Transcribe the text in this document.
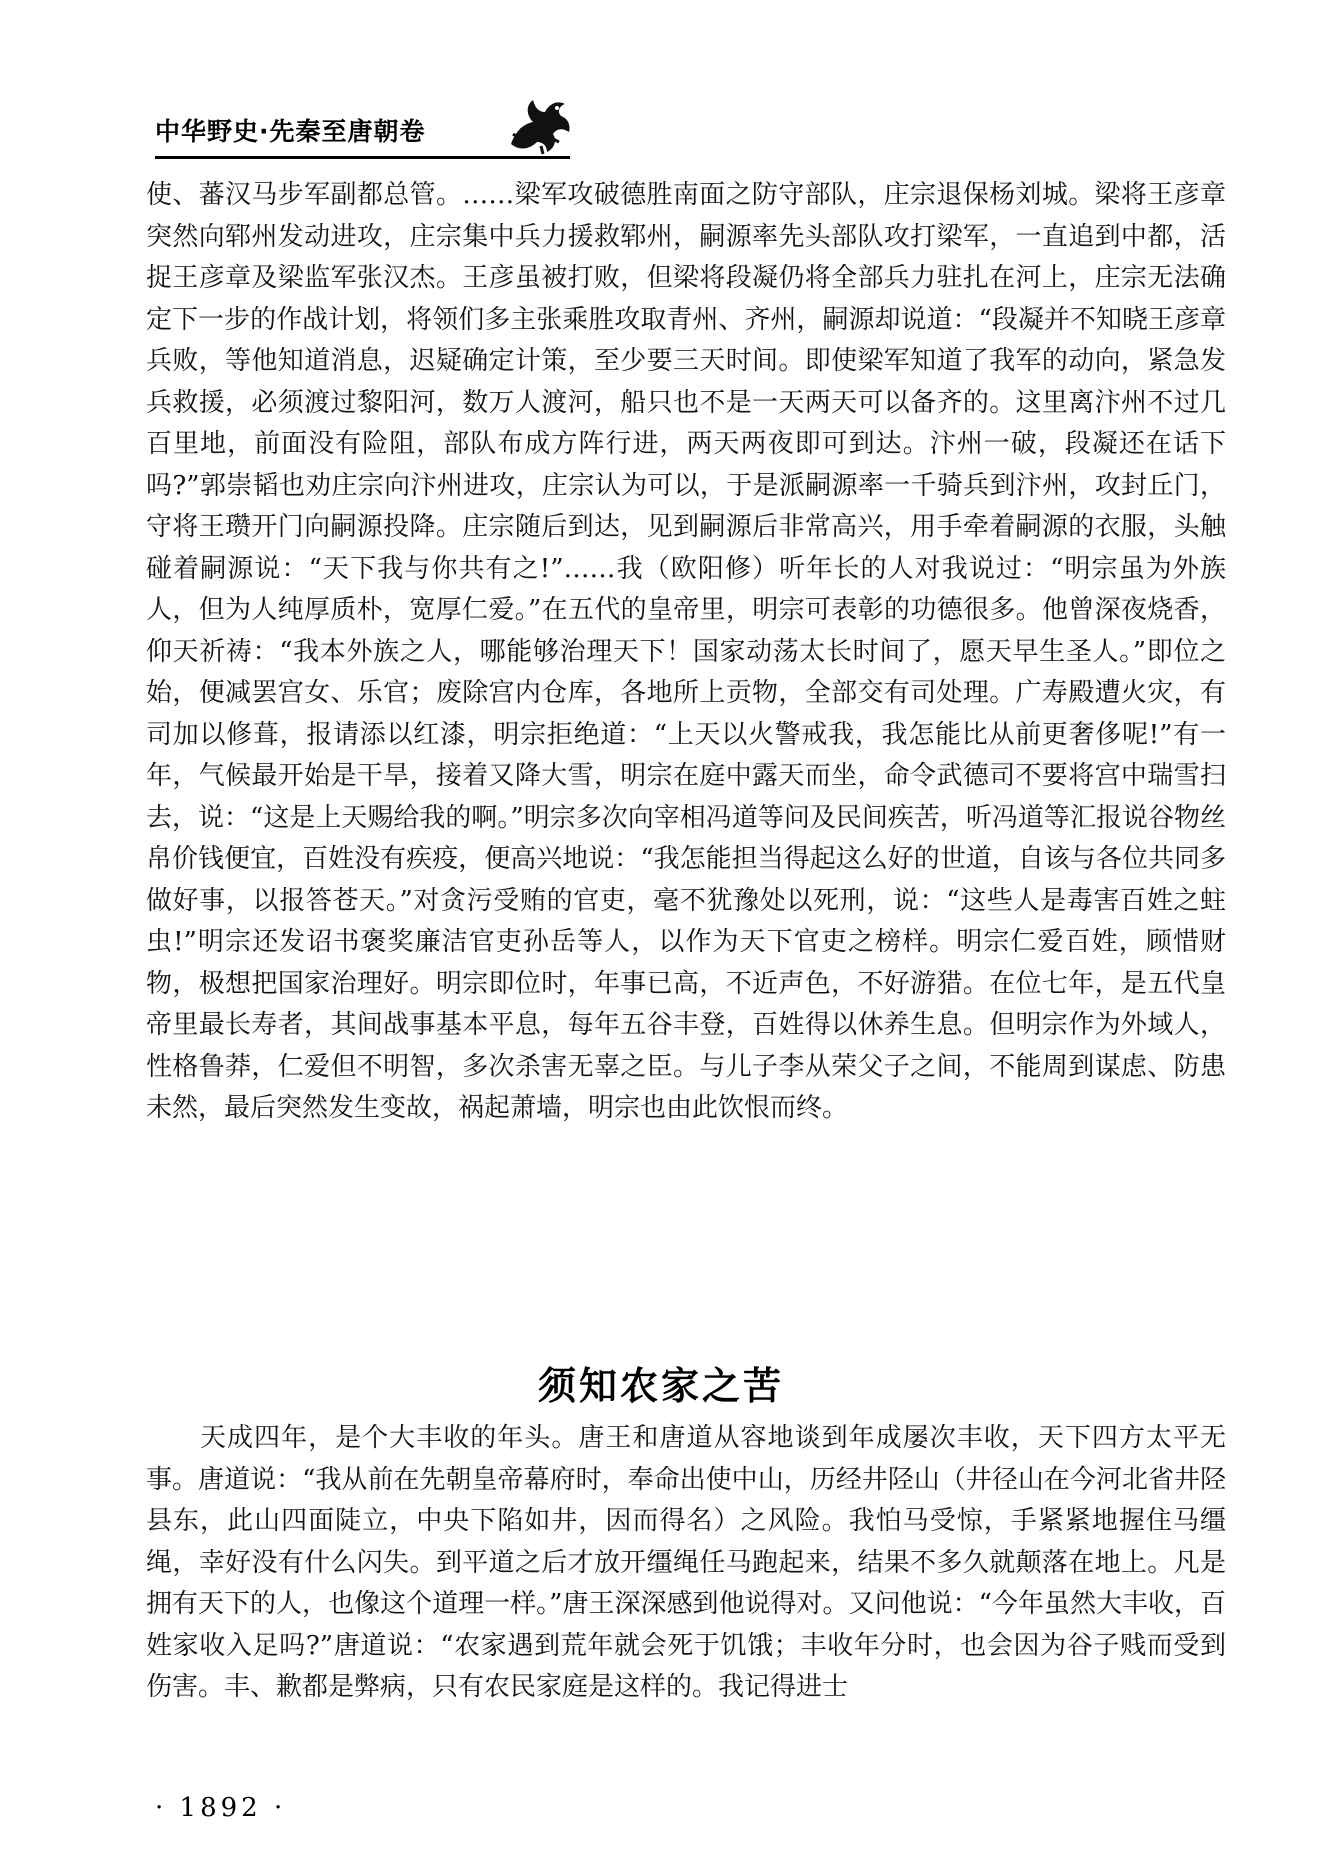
中华野史·先秦至唐朝卷
使、蕃汉马步军副都总管。……梁军攻破德胜南面之防守部队，庄宗退保杨刘城。梁将王彦章突然向郓州发动进攻，庄宗集中兵力援救郓州，嗣源率先头部队攻打梁军，一直追到中都，活捉王彦章及梁监军张汉杰。王彦虽被打败，但梁将段凝仍将全部兵力驻扎在河上，庄宗无法确定下一步的作战计划，将领们多主张乘胜攻取青州、齐州，嗣源却说道：“段凝并不知晓王彦章兵败，等他知道消息，迟疑确定计策，至少要三天时间。即使梁军知道了我军的动向，紧急发兵救援，必须渡过黎阳河，数万人渡河，船只也不是一天两天可以备齐的。这里离汴州不过几百里地，前面没有险阻，部队布成方阵行进，两天两夜即可到达。汴州一破，段凝还在话下吗?”郭崇韬也劝庄宗向汴州进攻，庄宗认为可以，于是派嗣源率一千骑兵到汴州，攻封丘门，守将王瓒开门向嗣源投降。庄宗随后到达，见到嗣源后非常高兴，用手牵着嗣源的衣服，头触碰着嗣源说：“天下我与你共有之!”……我（欧阳修）听年长的人对我说过：“明宗虽为外族人，但为人纯厚质朴，宽厚仁爱。”在五代的皇帝里，明宗可表彰的功德很多。他曾深夜烧香，仰天祈祷：“我本外族之人，哪能够治理天下！国家动荡太长时间了，愿天早生圣人。”即位之始，便减罢宫女、乐官；废除宫内仓库，各地所上贡物，全部交有司处理。广寿殿遭火灾，有司加以修葺，报请添以红漆，明宗拒绝道：“上天以火警戒我，我怎能比从前更奢侈呢!”有一年，气候最开始是干旱，接着又降大雪，明宗在庭中露天而坐，命令武德司不要将宫中瑞雪扫去，说：“这是上天赐给我的啊。”明宗多次向宰相冯道等问及民间疾苦，听冯道等汇报说谷物丝帛价钱便宜，百姓没有疾疫，便高兴地说：“我怎能担当得起这么好的世道，自该与各位共同多做好事，以报答苍天。”对贪污受贿的官吏，毫不犹豫处以死刑，说：“这些人是毒害百姓之蛀虫!”明宗还发诏书褒奖廉洁官吏孙岳等人，以作为天下官吏之榜样。明宗仁爱百姓，顾惜财物，极想把国家治理好。明宗即位时，年事已高，不近声色，不好游猎。在位七年，是五代皇帝里最长寿者，其间战事基本平息，每年五谷丰登，百姓得以休养生息。但明宗作为外域人，性格鲁莽，仁爱但不明智，多次杀害无辜之臣。与儿子李从荣父子之间，不能周到谋虑、防患未然，最后突然发生变故，祸起萧墙，明宗也由此饮恨而终。
须知农家之苦
天成四年，是个大丰收的年头。唐王和唐道从容地谈到年成屡次丰收，天下四方太平无事。唐道说：“我从前在先朝皇帝幕府时，奉命出使中山，历经井陉山（井径山在今河北省井陉县东，此山四面陡立，中央下陷如井，因而得名）之风险。我怕马受惊，手紧紧地握住马缰绳，幸好没有什么闪失。到平道之后才放开缰绳任马跑起来，结果不多久就颠落在地上。凡是拥有天下的人，也像这个道理一样。”唐王深深感到他说得对。又问他说：“今年虽然大丰收，百姓家收入足吗?”唐道说：“农家遇到荒年就会死于饥饿；丰收年分时，也会因为谷子贱而受到伤害。丰、歉都是弊病，只有农民家庭是这样的。我记得进士
· 1892 ·
